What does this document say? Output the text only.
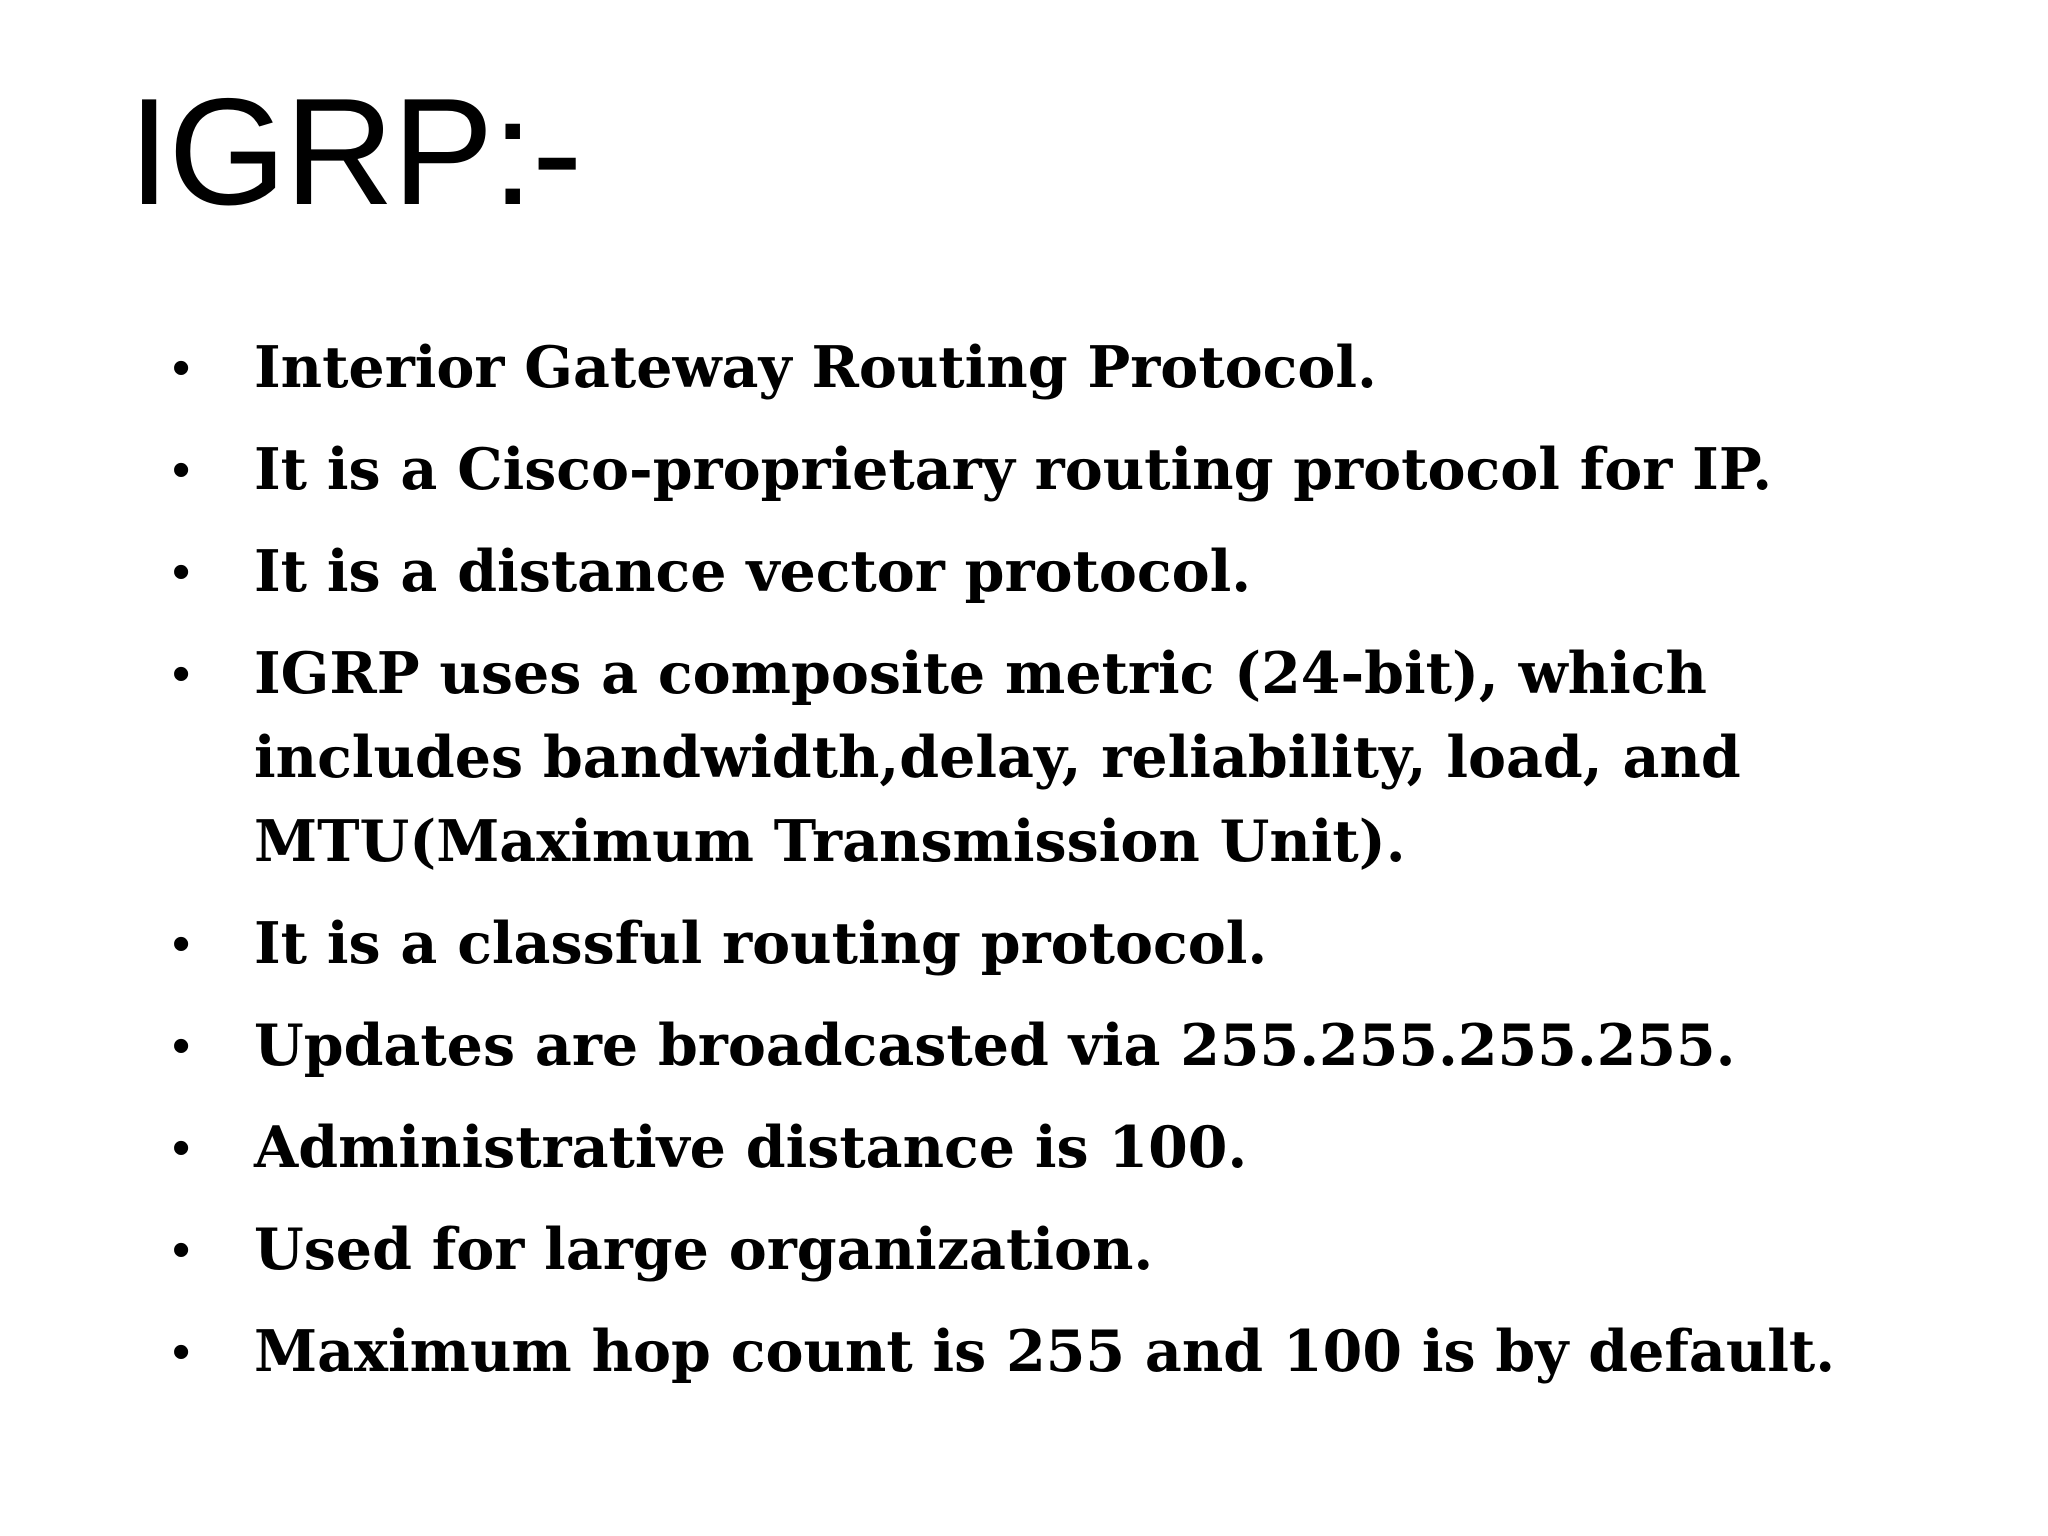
IGRP:-
•	Interior Gateway Routing Protocol.
•	It is a Cisco-proprietary routing protocol for IP.
•	It is a distance vector protocol.
•	IGRP uses a composite metric (24-bit), which includes bandwidth,delay, reliability, load, and MTU(Maximum Transmission Unit).
•	It is a classful routing protocol.
•	Updates are broadcasted via 255.255.255.255.
•	Administrative distance is 100.
•	Used for large organization.
•	Maximum hop count is 255 and 100 is by default.
